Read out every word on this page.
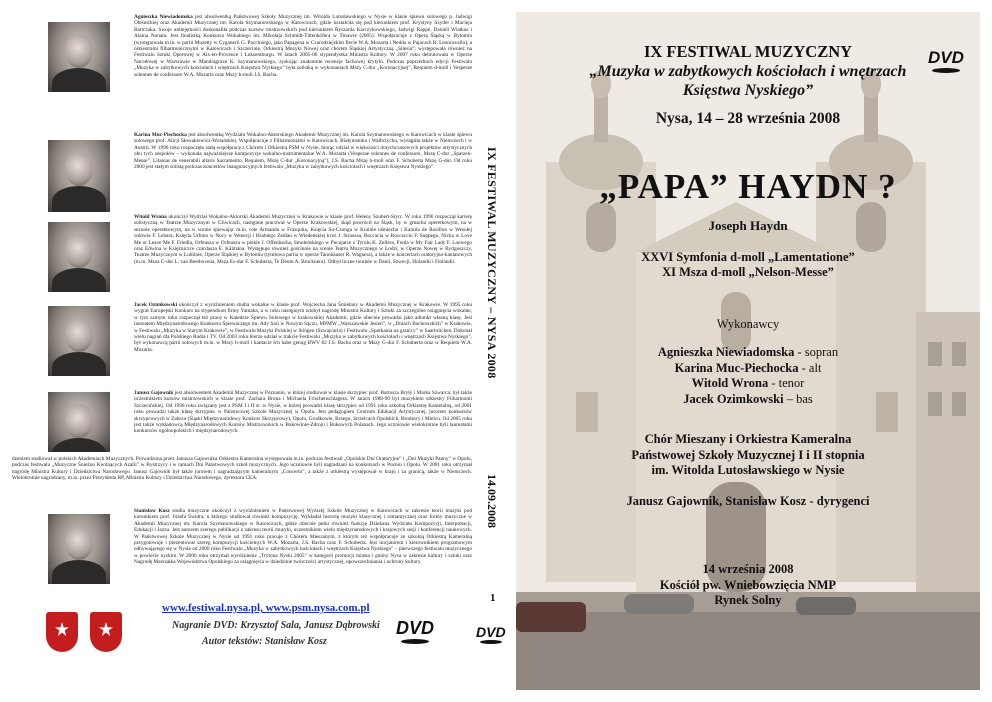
Agnieszka Niewiadomska jest absolwentką Państwowej Szkoły Muzycznej im. Witolda Lutosławskiego w Nysie w klasie śpiewu solowego p. Jadwigi Oleśnickiej oraz Akademii Muzycznej im. Karola Szymanowskiego w Katowicach, gdzie kształciła się pod kierunkiem prof. Krystyny Szyder i Macieja Bartczaka. Swoje umiejętności doskonaliła podczas kursów mistrzowskich pod kierunkiem Ryszarda Karczykowskiego, Jadwigi Rappé, Danieli Wiatkus i Alaina Nonata. Jest finalistką Konkursu Wokalnego im. Mikołaja Schmidt-Tittenhöfera w Tmawie (2005). Współpracuje z Operą Śląską w Bytomiu (występowała m.in. w partii Muzetty w Cyganerii G. Pucciniego, jako Papagena w Czarodziejskim flecie W.A. Mozarta i Nedda w Pajacach R. Leoncavallo), a orkiestrami filharmonicznymi w Katowicach i Szczecinie, Orkiestrą Muzyki Nowej oraz chórem Śląskiej Artystyczną „Silesia”; występowała również na Festiwalu Sztuki Operowej w Aix-en-Provence i Luksemburgu. W latach 2005-06 stypendystka Ministra Kultury. W 2007 roku debiutowała w Operze Narodowej w Warszawie w Mandragorze K. Szymanowskiego, zyskując znakomite recenzje fachowej krytyki. Podczas poprzednich edycji Festiwalu „Muzyka w zabytkowych kościołach i wnętrzach Księstwa Nyskiego” była solistką w wykonaniach Mszy C-dur „Koronacyjnej”, Requiem d-moll i Vesperae solennes de confessore W.A. Mozarta oraz Mszy h-moll J.S. Bacha.
Karina Muc-Piechocka jest absolwentką Wydziału Wokalno-Aktorskiego Akademii Muzycznej im. Karola Szymanowskiego w Katowicach w klasie śpiewu solowego prof. Alicji Słowakiewicz-Wolańskiej. Współpracuje z Filharmoniami w Katowicach, Białymstoku i Wałbrzychu, wystąpiła także w Niemczech i w Austrii. W 1996 roku rozpoczęła stałą współpracę z Chórem i Orkiestrą PSM w Nysie, biorąc udział w większości dotychczasowych projektów artystycznych obu tych zespołów – wykonała najważniejsze kompozycje wokalno-instrumentalne W.A. Mozarta (Vesperae solennes de confessore, Mszę C-dur „Spatzen-Messe”, Litanias de venerabili altaris Sacramento, Requiem, Mszę C-dur „Koronacyjną”), J.S. Bacha Mszę h-moll oraz F. Schuberta Mszę G-dur. Od roku 2000 jest stałym solistą podczas koncertów inauguracyjnych festiwalu „Muzyka w zabytkowych kościołach i wnętrzach Księstwa Nyskiego”.
Witold Wrona ukończył Wydział Wokalno-Aktorski Akademii Muzycznej w Krakowie w klasie prof. Heleny Szubert-Styrc. W roku 1996 rozpoczął karierę solistyczną w Teatrze Muzycznym w Gliwicach, następnie pracował w Operze Krakowskiej, skąd powrócił na Śląsk, by w gmachu operetkowym, na w sezonie operetkowym, na w scenie śpiewając m.in. role Armanda w Frasquita, Księcia Su-Czonga w Krainie uśmiechu i Kamila de Rosillon w Wesołej wdówie F. Lehara, Księcia Urbino w Nocy w Wenecji i Hrabiego Zedlau w Wiedeńskiej krwi J. Straussa, Boccacia w Boccaccio F. Suppego, Nicka w Love Me or Leave Me F. Friedla, Orfeusza w Orfeuszu w piekle J. Offenbacha, Smoleńskiego w Pucujatce z Tyrolu K. Zellera, Freda w My Fair Lady F. Loewego oraz Edwina w Księżniczce czardasza E. Kálmána. Występuje również gościnnie na scenie Teatru Muzycznego w Łodzi, w Operze Nowej w Bydgoszczy, Teatrze Muzycznym w Lublinie, Operze Śląskiej w Bytomiu (tytułowa partia w operze Tannhäuser R. Wagnera), a także w koncertach oratoryjno-kantatowych (m.in. Msza C-dur L. van Beethovena, Msza Es-dur F. Schuberta, Te Deum A. Brucknera). Odbył liczne tournée w Danii, Szwecji, Holandii i Finlandii.
Jacek Ozimkowski ukończył z wyróżnieniem studia wokalne w klasie prof. Wojciecha Jana Śmietany w Akademii Muzycznej w Krakowie. W 1995 roku wygrał Europejski Konkurs na stypendium firmy Yamaha, a w roku następnym zdobył nagrodę Ministra Kultury i Sztuki za szczególne osiągnięcia wokalne, w tym samym roku rozpoczął też pracę w Katedrze Śpiewu Solowego w krakowskiej Akademii, gdzie obecnie prowadzi jako adiunkt własną klasę. Jest laureatem Międzynarodowego Konkursu Śpiewaczego im. Ady Sari w Nowym Sączu, MFMW „Warszawskie Jesień”, w „Dniach Bachowskich” w Krakowie, w Festiwalu „Muzyka w Starym Krakowie”, w Festiwalu Muzyki Polskiej w Stingen (Szwajcaria) i Festiwalu „Spotkania na granicy” w Saarbrücken. Dokonał wielu nagrań dla Polskiego Radia i TV. Od 2003 roku bierze udział w trakcie Festiwalu „Muzyka w zabytkowych kościołach i wnętrzach Księstwa Nyskiego”, był wykonawcą partii solowych m.in. w Mszy h-moll i kantacie Ich habe genug BWV 82 J.S. Bacha oraz w Mszy G-dur F. Schuberta oraz w Requiem W.A. Mozarta.
Janusz Gajownik jest absolwentem Akademii Muzycznej w Poznaniu, w której studiował w klasie skrzypiec prof. Bartosza Bryły i Marka Szwarca; był także uczestnikiem kursów mistrzowskich w klasie prof. Zachara Brona i Michaela Frischenschlagera. W latach 1988-90 był muzykiem orkiestry Filharmonii Szczecińskiej. Od 1990 roku związany jest z PSM I i II st. w Nysie, w której prowadzi klasę skrzypiec od 1991 roku szkolną Orkiestrę Kameralną, od 2001 roku prowadzi także klasę skrzypiec w Państwowej Szkole Muzycznej w Opolu. Jest pedagogiem Centrum Edukacji Artystycznej, jurorem konkursów skrzypcowych w Zabrzu (Śląski Międzynarodowy Konkurs Skrzypcowy), Opolu, Grodkowie, Brzegu, Strzelcach Opolskich, Brodnicy i Mielcu. Od 2005 roku jest także wykładowcą Międzynarodowych Kursów Mistrzowskich w Bukowinie-Zdroju i Bukowych Polanach. Jego uczniowie wielokrotnie byli laureatami konkursów ogólnopolskich i międzynarodowych.
dzeniem studiował w polskich Akademiach Muzycznych. Prowadzona przez Janusza Gajownika Orkiestra Kameralna występowała m.in. podczas festiwali „Opolskie Dni Oratoryjne” i „Dni Muzyki Panny” w Opolu, podczas festiwalu „Muzyczne Śnieżno Kwitnących Azalii” w Bystrzycy i w ramach Dni Państwowych szkół muzycznych. Jego uczniowie byli nagradzani na konkursach w Pozniu i Opolu. W 2001 roku otrzymał nagrodę Ministra Kultury i Dziedzictwa Narodowego. Janusz Gajownik był także jurorem i nagradzającym kameralnym „Concerto”, a także z orkiestrą występował w kraju i za granicą, także w Niemczech. Wielokrotnie nagradzany, m.in. przez Prezydenta RP, Ministra Kultury i Dziedzictwa Narodowego, dyrektora CEA.
Stanisław Kosz studia muzyczne ukończył z wyróżnieniem w Państwowej Wyższej Szkole Muzycznej w Katowicach w zakresie teorii muzyki pod kierunkiem prof. Józefa Świdra, u którego studiował również kompozycję. Wykładał historię muzyki klasycznej i romantycznej oraz formy muzyczne w Akademii Muzycznej im. Karola Szymanowskiego w Katowicach, gdzie obecnie pełni również funkcję Dziekana Wydziału Kompozycji, Interpretacji, Edukacji i Jazzu. Jest autorem szeregu publikacji z zakresu teorii muzyki, uczestnikiem wielu międzynarodowych i krajowych sesji i konferencji naukowych. W Państwowej Szkole Muzycznej w Nysie od 1991 roku pracuje z Chórem Mieszanym, z którym też współpracuje ze szkolną Orkiestrą Kameralną przygotowuje i prezentował szereg kompozycji kościelnych W.A. Mozarta, J.S. Bacha oraz F. Schuberta. Jest inicjatorem i kierownikiem programowym odbywającego się w Nysie od 2000 roku Festiwalu „Muzyka w zabytkowych kościołach i wnętrzach Księstwa Nyskiego” – pierwszego festiwalu muzycznego w powiecie nyskim. W 2006 roku otrzymał wyróżnienie „Trytona Nyski 2005” w kategorii promocji miasta i gminy Nysa w zakresie kultury i sztuki oraz Nagrodę Marszałka Województwa Opolskiego za osiągnięcia w dziedzinie twórczości artystycznej, upowszechniania i ochrony kultury.
www.festiwal.nysa.pl, www.psm.nysa.com.pl
Nagranie DVD: Krzysztof Sala, Janusz Dąbrowski
Autor tekstów: Stanisław Kosz
DVD
IX FESTIWAL MUZYCZNY – NYSA 2008
14.09.2008
1
DVD
IX FESTIWAL MUZYCZNY
„Muzyka w zabytkowych kościołach i wnętrzach
Księstwa Nyskiego”
Nysa, 14 – 28 września 2008
„PAPA” HAYDN ?
Joseph Haydn
XXVI Symfonia d-moll „Lamentatione”
XI Msza d-moll „Nelson-Messe”
Wykonawcy
Agnieszka Niewiadomska - sopran
Karina Muc-Piechocka - alt
Witold Wrona - tenor
Jacek Ozimkowski – bas
Chór Mieszany i Orkiestra Kameralna
Państwowej Szkoły Muzycznej I i II stopnia
im. Witolda Lutosławskiego w Nysie
Janusz Gajownik, Stanisław Kosz - dyrygenci
14 września 2008
Kościół pw. Wniebowzięcia NMP
Rynek Solny
DVD
